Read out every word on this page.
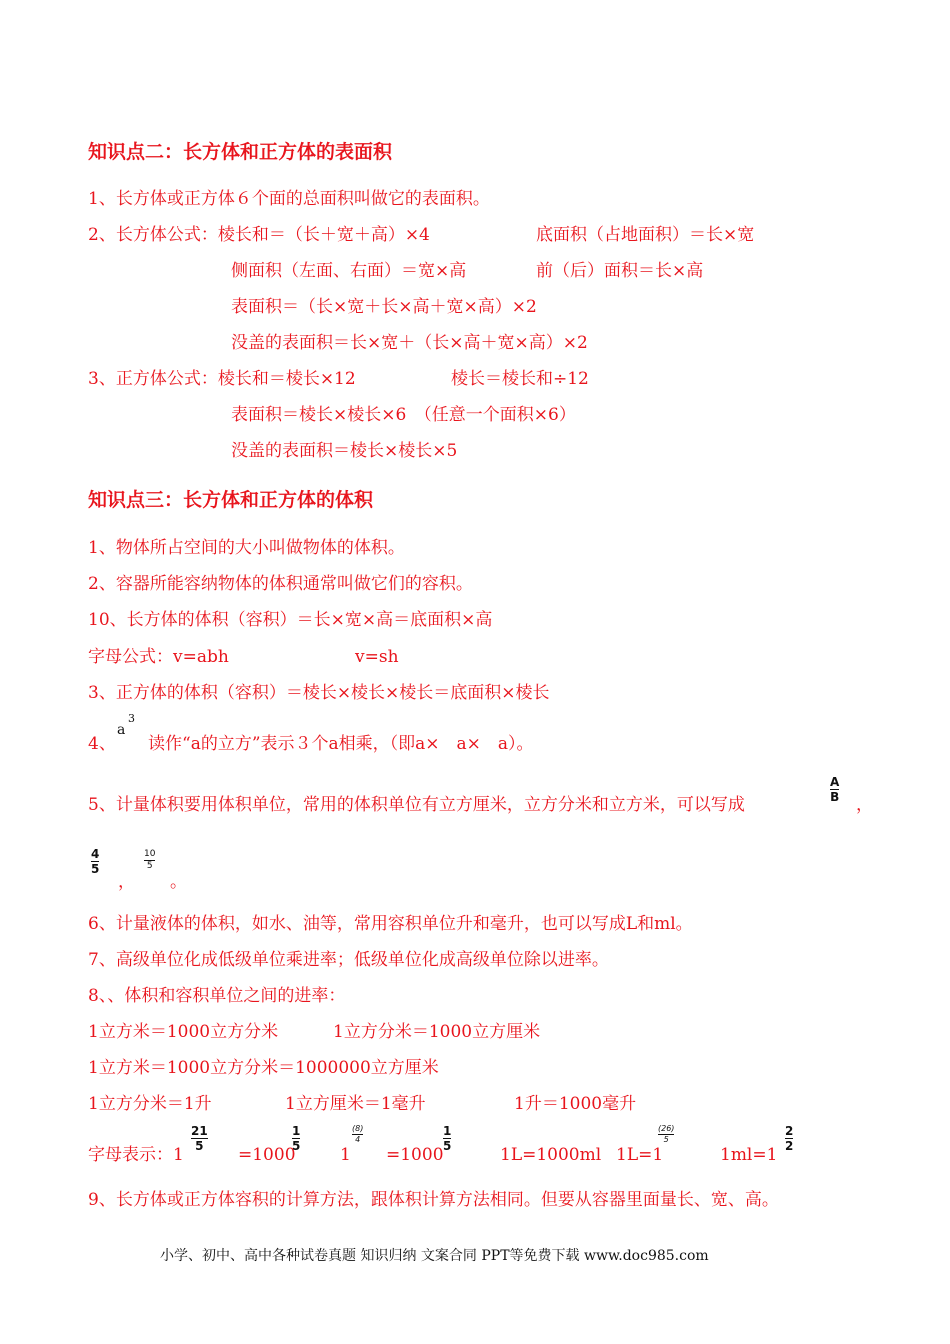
知识点二：长方体和正方体的表面积
1、长方体或正方体６个面的总面积叫做它的表面积。
2、长方体公式：棱长和＝（长＋宽＋高）×4	底面积（占地面积）＝长×宽
侧面积（左面、右面）＝宽×高	前（后）面积＝长×高
表面积＝（长×宽＋长×高＋宽×高）×2
没盖的表面积＝长×宽＋（长×高＋宽×高）×2
3、正方体公式：棱长和＝棱长×12	棱长＝棱长和÷12
表面积＝棱长×棱长×6　（任意一个面积×6）
没盖的表面积＝棱长×棱长×5
知识点三：长方体和正方体的体积
1、物体所占空间的大小叫做物体的体积。
2、容器所能容纳物体的体积通常叫做它们的容积。
10、长方体的体积（容积）＝长×宽×高＝底面积×高
字母公式：v=abh	v=sh
3、正方体的体积（容积）＝棱长×棱长×棱长＝底面积×棱长
4、
a
3
读作“a的立方”表示３个a相乘，（即a×　a×　a）。
5、计量体积要用体积单位，常用的体积单位有立方厘米，立方分米和立方米，可以写成
A
B ，
4
5
，
10
5
。
6、计量液体的体积，如水、油等，常用容积单位升和毫升，也可以写成L和ml。
7、高级单位化成低级单位乘进率；低级单位化成高级单位除以进率。
8、、体积和容积单位之间的进率：
1立方米＝1000立方分米	1立方分米＝1000立方厘米
1立方米＝1000立方分米＝1000000立方厘米
1立方分米＝1升	1立方厘米＝1毫升	1升＝1000毫升
字母表示：1
21
5 =1000
1
5 1
(8)
4
=1000
1
5	1L=1000ml 1L=1
(26)
5
1ml=1
2
2
9、长方体或正方体容积的计算方法，跟体积计算方法相同。但要从容器里面量长、宽、高。
小学、初中、高中各种试卷真题 知识归纳 文案合同 PPT等免费下载 www.doc985.com
